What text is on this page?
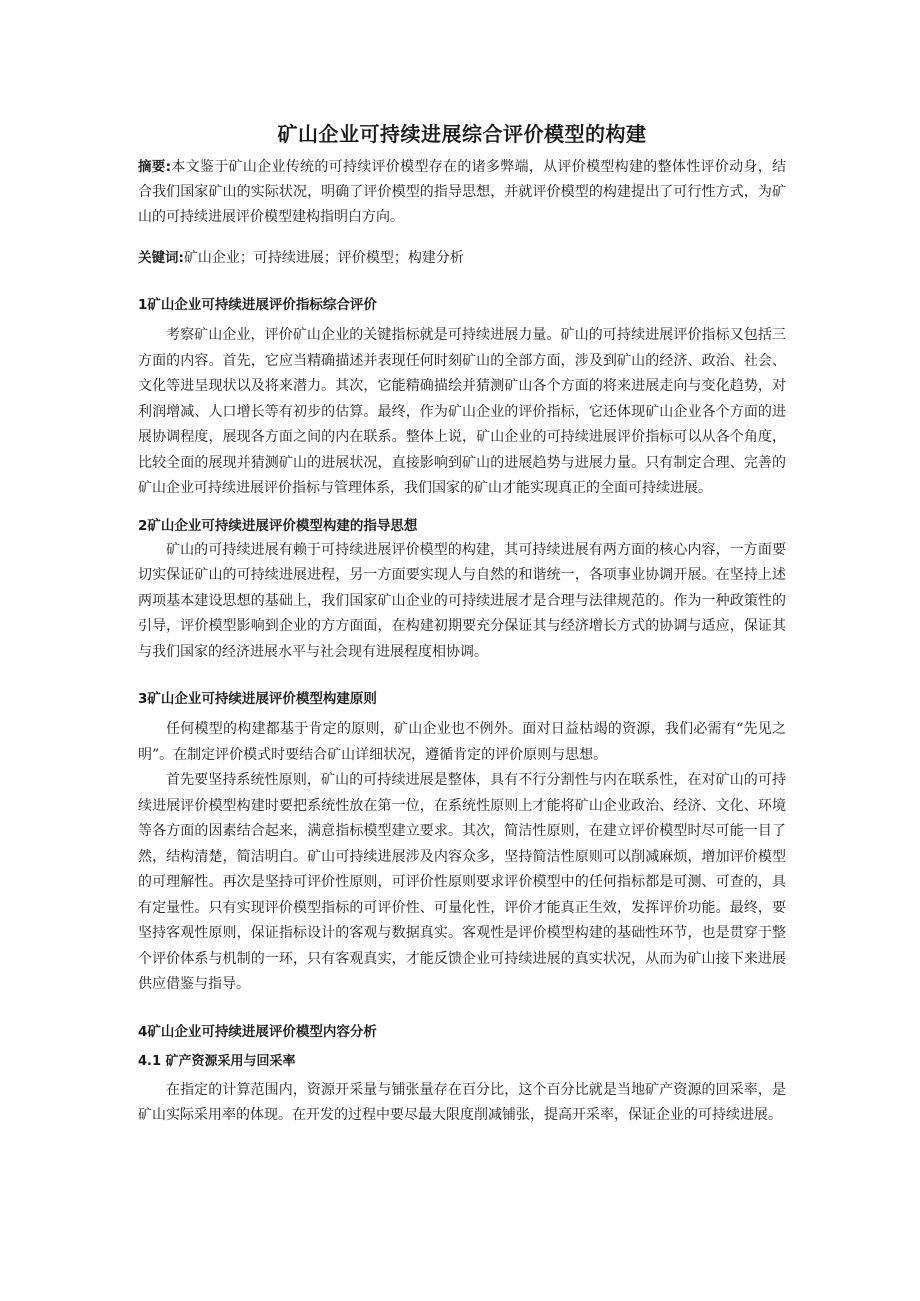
矿山企业可持续进展综合评价模型的构建

摘要:本文鉴于矿山企业传统的可持续评价模型存在的诸多弊端，从评价模型构建的整体性评价动身，结合我们国家矿山的实际状况，明确了评价模型的指导思想，并就评价模型的构建提出了可行性方式，为矿山的可持续进展评价模型建构指明白方向。

关键词:矿山企业；可持续进展；评价模型；构建分析

1矿山企业可持续进展评价指标综合评价

考察矿山企业，评价矿山企业的关键指标就是可持续进展力量。矿山的可持续进展评价指标又包括三方面的内容。首先，它应当精确描述并表现任何时刻矿山的全部方面，涉及到矿山的经济、政治、社会、文化等进呈现状以及将来潜力。其次，它能精确描绘并猜测矿山各个方面的将来进展走向与变化趋势，对利润增减、人口增长等有初步的估算。最终，作为矿山企业的评价指标，它还体现矿山企业各个方面的进展协调程度，展现各方面之间的内在联系。整体上说，矿山企业的可持续进展评价指标可以从各个角度，比较全面的展现并猜测矿山的进展状况，直接影响到矿山的进展趋势与进展力量。只有制定合理、完善的矿山企业可持续进展评价指标与管理体系，我们国家的矿山才能实现真正的全面可持续进展。

2矿山企业可持续进展评价模型构建的指导思想

矿山的可持续进展有赖于可持续进展评价模型的构建，其可持续进展有两方面的核心内容，一方面要切实保证矿山的可持续进展进程，另一方面要实现人与自然的和谐统一，各项事业协调开展。在坚持上述两项基本建设思想的基础上，我们国家矿山企业的可持续进展才是合理与法律规范的。作为一种政策性的引导，评价模型影响到企业的方方面面，在构建初期要充分保证其与经济增长方式的协调与适应，保证其与我们国家的经济进展水平与社会现有进展程度相协调。

3矿山企业可持续进展评价模型构建原则

任何模型的构建都基于肯定的原则，矿山企业也不例外。面对日益枯竭的资源，我们必需有“先见之明”。在制定评价模式时要结合矿山详细状况，遵循肯定的评价原则与思想。

首先要坚持系统性原则，矿山的可持续进展是整体，具有不行分割性与内在联系性，在对矿山的可持续进展评价模型构建时要把系统性放在第一位，在系统性原则上才能将矿山企业政治、经济、文化、环境等各方面的因素结合起来，满意指标模型建立要求。其次，简洁性原则，在建立评价模型时尽可能一目了然，结构清楚，简洁明白。矿山可持续进展涉及内容众多，坚持简洁性原则可以削减麻烦，增加评价模型的可理解性。再次是坚持可评价性原则，可评价性原则要求评价模型中的任何指标都是可测、可查的，具有定量性。只有实现评价模型指标的可评价性、可量化性，评价才能真正生效，发挥评价功能。最终，要坚持客观性原则，保证指标设计的客观与数据真实。客观性是评价模型构建的基础性环节，也是贯穿于整个评价体系与机制的一环，只有客观真实，才能反馈企业可持续进展的真实状况，从而为矿山接下来进展供应借鉴与指导。

4矿山企业可持续进展评价模型内容分析
4.1 矿产资源采用与回采率

在指定的计算范围内，资源开采量与铺张量存在百分比，这个百分比就是当地矿产资源的回采率，是矿山实际采用率的体现。在开发的过程中要尽最大限度削减铺张，提高开采率，保证企业的可持续进展。
